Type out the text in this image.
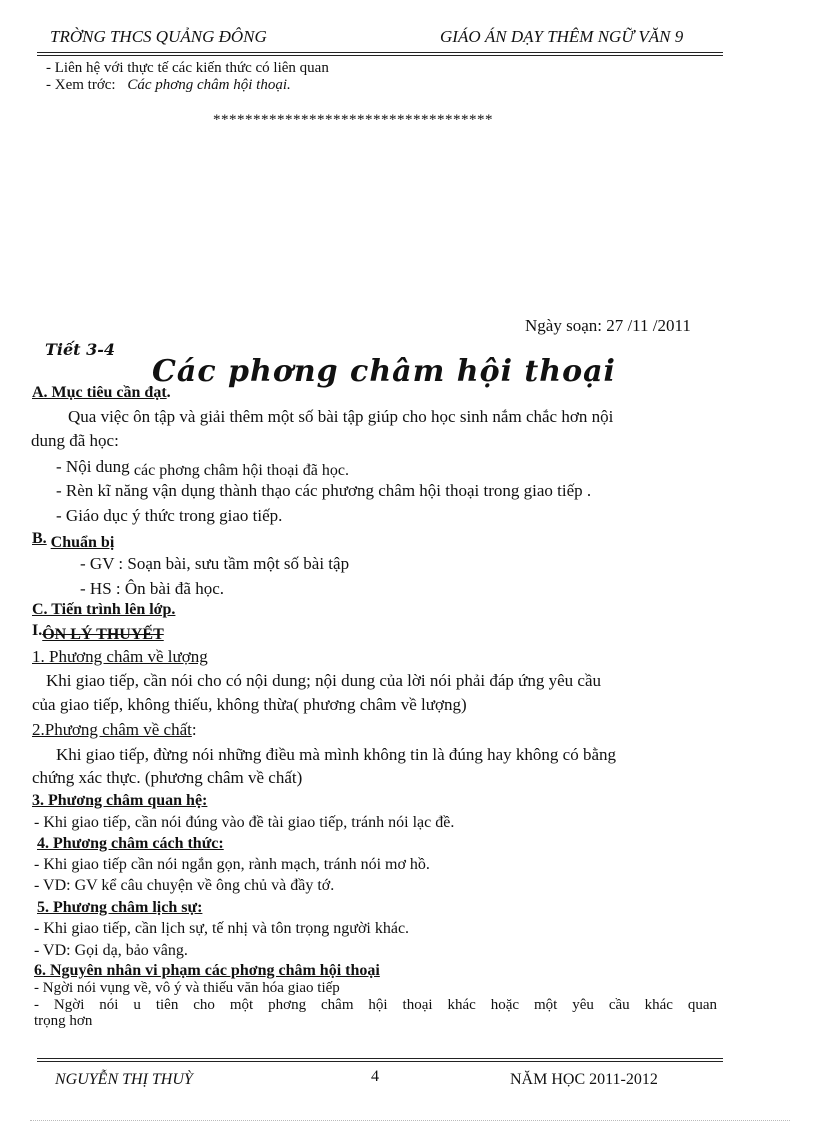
TRỜNG THCS QUẢNG ĐÔNG	GIÁO ÁN DẠY THÊM NGỮ VĂN 9
- Liên hệ với thực tế các kiến thức có liên quan
- Xem trớc: Các phơng châm hội thoại.
***********************************
Ngày soạn: 27 /11 /2011
Tiết 3-4
Các phơng châm hội thoại
A. Mục tiêu cần đạt.
Qua việc ôn tập và giải thêm một số bài tập giúp cho học sinh nắm chắc hơn nội
dung đã học:
- Nội dung các phơng châm hội thoại đã học.
- Rèn kĩ năng vận dụng thành thạo các phương châm hội thoại trong giao tiếp .
- Giáo dục ý thức trong giao tiếp.
B. Chuẩn bị
- GV : Soạn bài, sưu tầm một số bài tập
- HS : Ôn bài đã học.
C. Tiến trình lên lớp.
I.ÔN LÝ THUYẾT
1. Phương châm về lượng
Khi giao tiếp, cần nói cho có nội dung; nội dung của lời nói phải đáp ứng yêu cầu
của giao tiếp, không thiếu, không thừa( phương châm về lượng)
2.Phương châm về chất:
Khi giao tiếp, đừng nói những điều mà mình không tin là đúng hay không có bằng
chứng xác thực. (phương châm về chất)
3. Phương châm quan hệ:
- Khi giao tiếp, cần nói đúng vào đề tài giao tiếp, tránh nói lạc đề.
4. Phương châm cách thức:
- Khi giao tiếp cần nói ngắn gọn, rành mạch, tránh nói mơ hồ.
- VD: GV kể câu chuyện về ông chủ và đầy tớ.
5. Phương châm lịch sự:
- Khi giao tiếp, cần lịch sự, tế nhị và tôn trọng người khác.
- VD: Gọi dạ, bảo vâng.
6. Nguyên nhân vi phạm các phơng châm hội thoại
- Ngời nói vụng về, vô ý và thiếu văn hóa giao tiếp
- Ngời nói u tiên cho một phơng châm hội thoại khác hoặc một yêu cầu khác quan
trọng hơn
NGUYỄN THỊ THUỲ	4	NĂM HỌC 2011-2012
